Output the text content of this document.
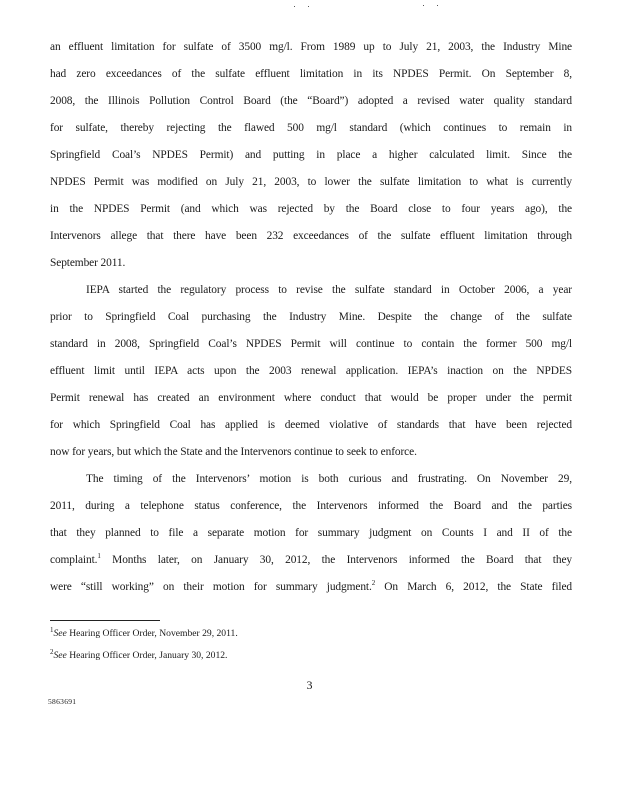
an effluent limitation for sulfate of 3500 mg/l. From 1989 up to July 21, 2003, the Industry Mine
had zero exceedances of the sulfate effluent limitation in its NPDES Permit. On September 8,
2008, the Illinois Pollution Control Board (the “Board”) adopted a revised water quality standard
for sulfate, thereby rejecting the flawed 500 mg/l standard (which continues to remain in
Springfield Coal’s NPDES Permit) and putting in place a higher calculated limit. Since the
NPDES Permit was modified on July 21, 2003, to lower the sulfate limitation to what is currently
in the NPDES Permit (and which was rejected by the Board close to four years ago), the
Intervenors allege that there have been 232 exceedances of the sulfate effluent limitation through
September 2011.
IEPA started the regulatory process to revise the sulfate standard in October 2006, a year
prior to Springfield Coal purchasing the Industry Mine. Despite the change of the sulfate
standard in 2008, Springfield Coal’s NPDES Permit will continue to contain the former 500 mg/l
effluent limit until IEPA acts upon the 2003 renewal application. IEPA’s inaction on the NPDES
Permit renewal has created an environment where conduct that would be proper under the permit
for which Springfield Coal has applied is deemed violative of standards that have been rejected
now for years, but which the State and the Intervenors continue to seek to enforce.
The timing of the Intervenors’ motion is both curious and frustrating. On November 29,
2011, during a telephone status conference, the Intervenors informed the Board and the parties
that they planned to file a separate motion for summary judgment on Counts I and II of the
complaint.$^1$ Months later, on January 30, 2012, the Intervenors informed the Board that they
were “still working” on their motion for summary judgment.$^2$ On March 6, 2012, the State filed
$^1$See Hearing Officer Order, November 29, 2011.
$^2$See Hearing Officer Order, January 30, 2012.
3
5863691
